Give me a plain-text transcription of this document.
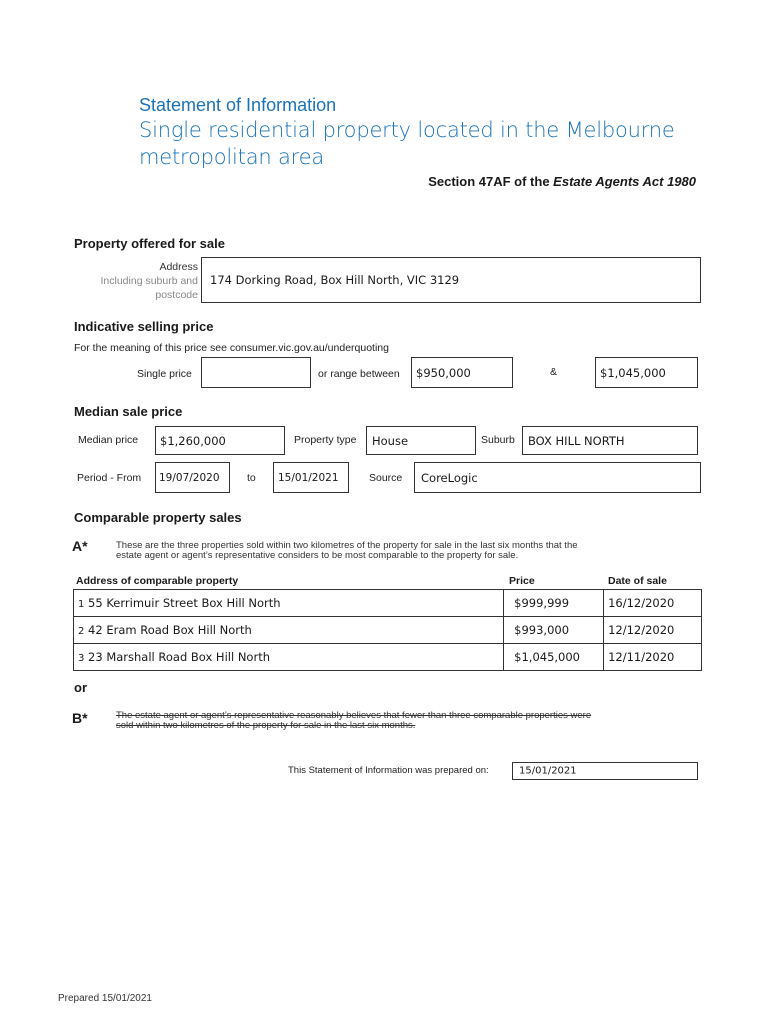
Statement of Information
Single residential property located in the Melbourne
metropolitan area
Section 47AF of the Estate Agents Act 1980
Property offered for sale
Address
Including suburb and
postcode
174 Dorking Road, Box Hill North, VIC 3129
Indicative selling price
For the meaning of this price see consumer.vic.gov.au/underquoting
Single price	or range between $950,000	&	$1,045,000
Median sale price
Median price $1,260,000	Property type House	Suburb BOX HILL NORTH
Period - From 19/07/2020	to 15/01/2021	Source CoreLogic
Comparable property sales
A*	These are the three properties sold within two kilometres of the property for sale in the last six months that the
estate agent or agent’s representative considers to be most comparable to the property for sale.
Address of comparable property	Price	Date of sale
1 55 Kerrimuir Street Box Hill North	$999,999	16/12/2020
2 42 Eram Road Box Hill North	$993,000	12/12/2020
3 23 Marshall Road Box Hill North	$1,045,000	12/11/2020
or
B*	The estate agent or agent’s representative reasonably believes that fewer than three comparable properties were
sold within two kilometres of the property for sale in the last six months.
This Statement of Information was prepared on:	15/01/2021
Prepared 15/01/2021
